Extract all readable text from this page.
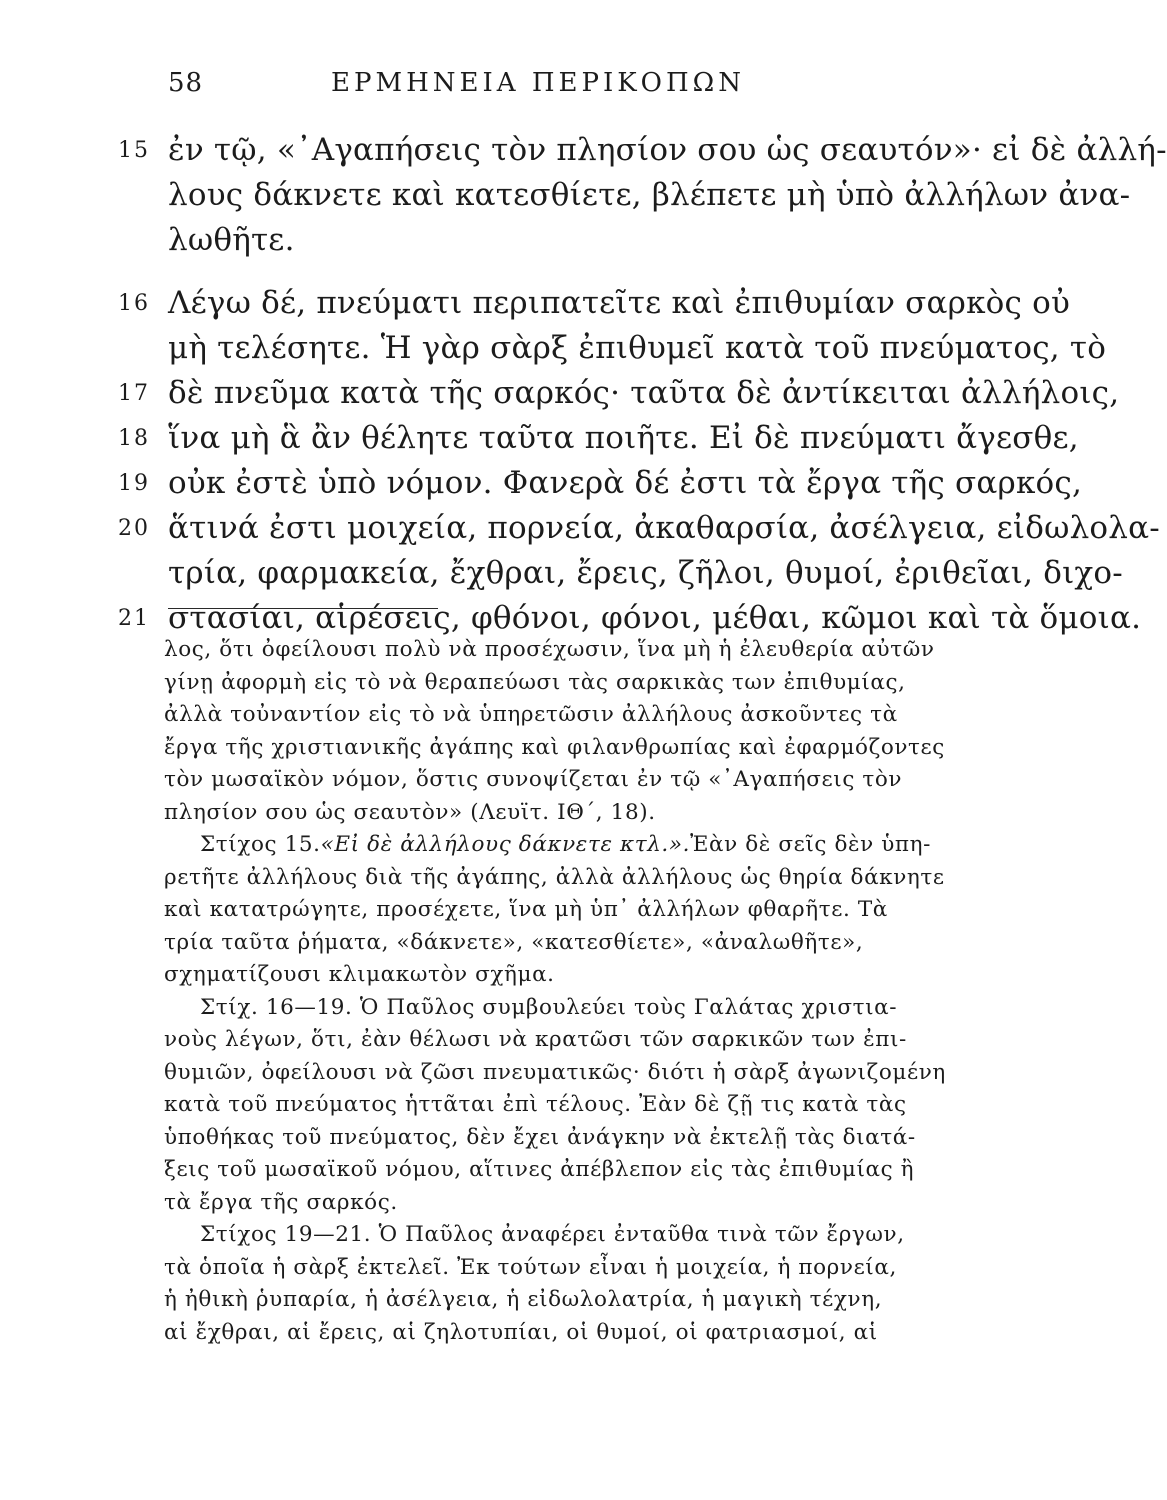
58	ΕΡΜΗΝΕΙΑ ΠΕΡΙΚΟΠΩΝ
15 ἐν τῷ, «᾽Αγαπήσεις τὸν πλησίον σου ὡς σεαυτόν»· εἰ δὲ ἀλλή-
λους δάκνετε καὶ κατεσθίετε, βλέπετε μὴ ὑπὸ ἀλλήλων ἀνα-
λωθῆτε.
16 Λέγω δέ, πνεύματι περιπατεῖτε καὶ ἐπιθυμίαν σαρκὸς οὐ
μὴ τελέσητε. Ἡ γὰρ σὰρξ ἐπιθυμεῖ κατὰ τοῦ πνεύματος, τὸ
17 δὲ πνεῦμα κατὰ τῆς σαρκός· ταῦτα δὲ ἀντίκειται ἀλλήλοις,
18 ἵνα μὴ ἃ ἂν θέλητε ταῦτα ποιῆτε. Εἰ δὲ πνεύματι ἄγεσθε,
19 οὐκ ἐστὲ ὑπὸ νόμον. Φανερὰ δέ ἐστι τὰ ἔργα τῆς σαρκός,
20 ἅτινά ἐστι μοιχεία, πορνεία, ἀκαθαρσία, ἀσέλγεια, εἰδωλολα-
τρία, φαρμακεία, ἔχθραι, ἔρεις, ζῆλοι, θυμοί, ἐριθεῖαι, διχο-
21 στασίαι, αἱρέσεις, φθόνοι, φόνοι, μέθαι, κῶμοι καὶ τὰ ὅμοια.
λος, ὅτι ὀφείλουσι πολὺ νὰ προσέχωσιν, ἵνα μὴ ἡ ἐλευθερία αὐτῶν
γίνῃ ἀφορμὴ εἰς τὸ νὰ θεραπεύωσι τὰς σαρκικὰς των ἐπιθυμίας,
ἀλλὰ τοὐναντίον εἰς τὸ νὰ ὑπηρετῶσιν ἀλλήλους ἀσκοῦντες τὰ
ἔργα τῆς χριστιανικῆς ἀγάπης καὶ φιλανθρωπίας καὶ ἐφαρμόζοντες
τὸν μωσαϊκὸν νόμον, ὅστις συνοψίζεται ἐν τῷ «᾽Αγαπήσεις τὸν
πλησίον σου ὡς σεαυτὸν» (Λευϊτ. ΙΘ΄, 18).
Στίχος 15.«Εἰ δὲ ἀλλήλους δάκνετε κτλ.».Ἐὰν δὲ σεῖς δὲν ὑπη-
ρετῆτε ἀλλήλους διὰ τῆς ἀγάπης, ἀλλὰ ἀλλήλους ὡς θηρία δάκνητε
καὶ κατατρώγητε, προσέχετε, ἵνα μὴ ὑπ᾽ ἀλλήλων φθαρῆτε. Τὰ
τρία ταῦτα ῥήματα, «δάκνετε», «κατεσθίετε», «ἀναλωθῆτε»,
σχηματίζουσι κλιμακωτὸν σχῆμα.
Στίχ. 16—19. Ὁ Παῦλος συμβουλεύει τοὺς Γαλάτας χριστια-
νοὺς λέγων, ὅτι, ἐὰν θέλωσι νὰ κρατῶσι τῶν σαρκικῶν των ἐπι-
θυμιῶν, ὀφείλουσι νὰ ζῶσι πνευματικῶς· διότι ἡ σὰρξ ἀγωνιζομένη
κατὰ τοῦ πνεύματος ἡττᾶται ἐπὶ τέλους. Ἐὰν δὲ ζῇ τις κατὰ τὰς
ὑποθήκας τοῦ πνεύματος, δὲν ἔχει ἀνάγκην νὰ ἐκτελῇ τὰς διατά-
ξεις τοῦ μωσαϊκοῦ νόμου, αἵτινες ἀπέβλεπον εἰς τὰς ἐπιθυμίας ἢ
τὰ ἔργα τῆς σαρκός.
Στίχος 19—21. Ὁ Παῦλος ἀναφέρει ἐνταῦθα τινὰ τῶν ἔργων,
τὰ ὁποῖα ἡ σὰρξ ἐκτελεῖ. Ἐκ τούτων εἶναι ἡ μοιχεία, ἡ πορνεία,
ἡ ἠθικὴ ῥυπαρία, ἡ ἀσέλγεια, ἡ εἰδωλολατρία, ἡ μαγικὴ τέχνη,
αἱ ἔχθραι, αἱ ἔρεις, αἱ ζηλοτυπίαι, οἱ θυμοί, οἱ φατριασμοί, αἱ
